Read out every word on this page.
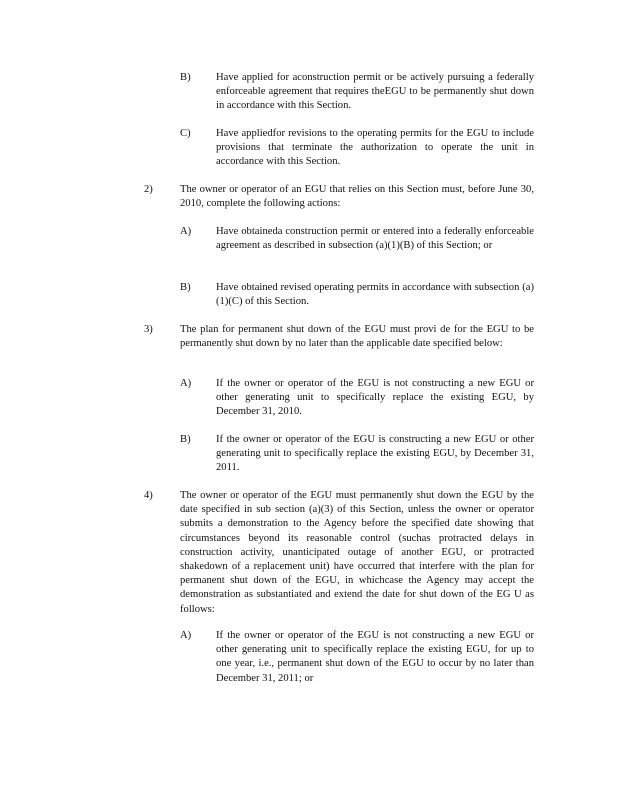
B) Have applied for aconstruction permit or be actively pursuing a federally enforceable agreement that requires theEGU to be permanently shut down in accordance with this Section.
C) Have appliedfor revisions to the operating permits for the EGU to include provisions that terminate the authorization to operate the unit in accordance with this Section.
2)	The owner or operator of an EGU that relies on this Section must, before June 30, 2010, complete the following actions:
A) Have obtaineda construction permit or entered into a federally enforceable agreement as described in subsection (a)(1)(B) of this Section; or
B) Have obtained revised operating permits in accordance with subsection (a)(1)(C) of this Section.
3)	The plan for permanent shut down of the EGU must provi de for the EGU to be permanently shut down by no later than the applicable date specified below:
A) If the owner or operator of the EGU is not constructing a new EGU or other generating unit to specifically replace the existing EGU, by December 31, 2010.
B) If the owner or operator of the EGU is constructing a new EGU or other generating unit to specifically replace the existing EGU, by December 31, 2011.
4)	The owner or operator of the EGU must permanently shut down the EGU by the date specified in sub section (a)(3) of this Section, unless the owner or operator submits a demonstration to the Agency before the specified date showing that circumstances beyond its reasonable control (suchas protracted delays in construction activity, unanticipated outage of another EGU, or protracted shakedown of a replacement unit) have occurred that interfere with the plan for permanent shut down of the EGU, in whichcase the Agency may accept the demonstration as substantiated and extend the date for shut down of the EG U as follows:
A) If the owner or operator of the EGU is not constructing a new EGU or other generating unit to specifically replace the existing EGU, for up to one year, i.e., permanent shut down of the EGU to occur by no later than December 31, 2011; or
